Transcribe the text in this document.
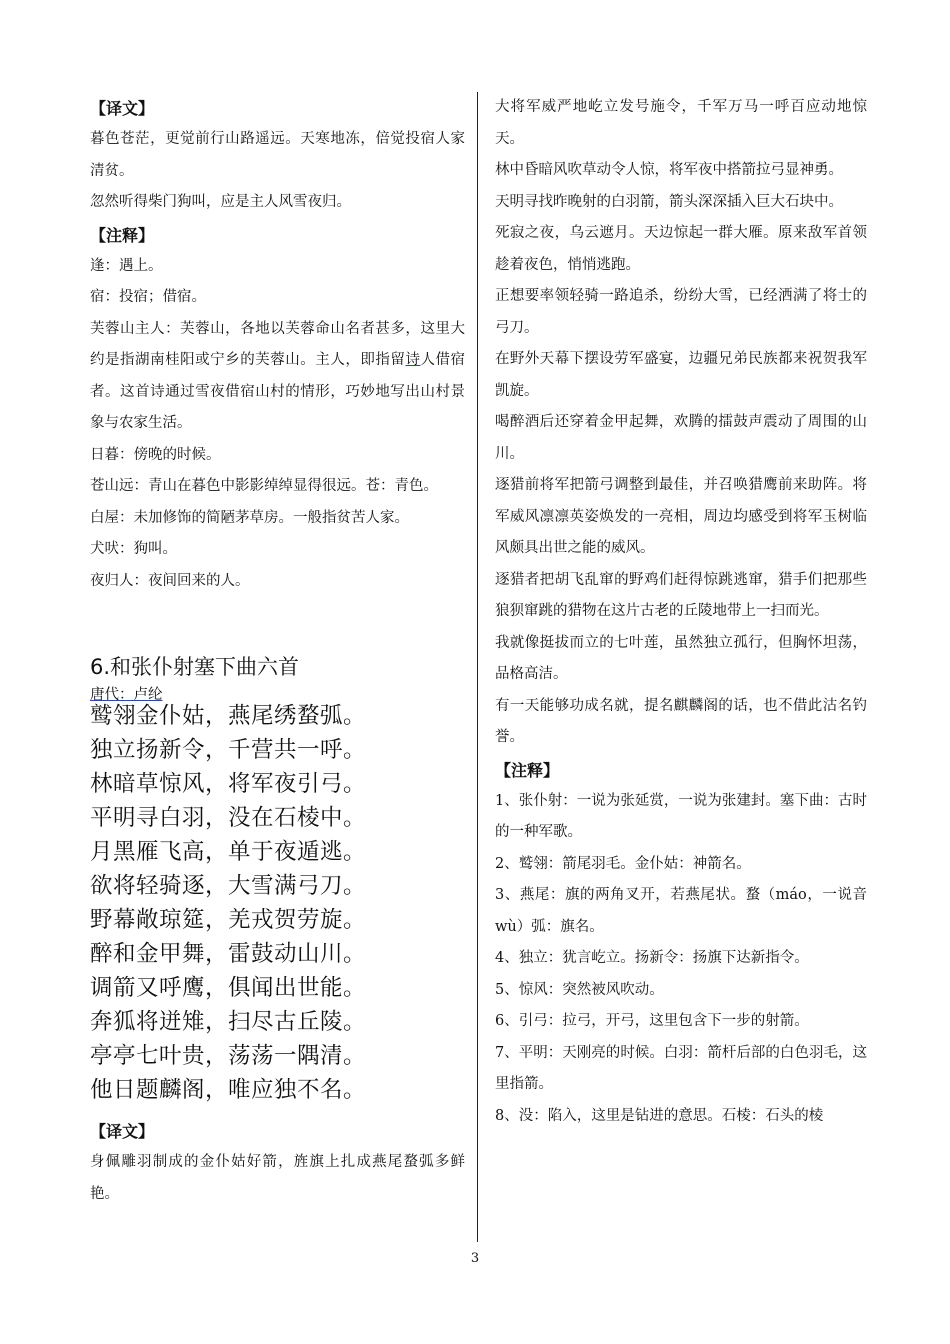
【译文】

暮色苍茫，更觉前行山路遥远。天寒地冻，倍觉投宿人家清贫。

忽然听得柴门狗叫，应是主人风雪夜归。

【注释】

逢：遇上。

宿：投宿；借宿。

芙蓉山主人：芙蓉山，各地以芙蓉命山名者甚多，这里大约是指湖南桂阳或宁乡的芙蓉山。主人，即指留诗人借宿者。这首诗通过雪夜借宿山村的情形，巧妙地写出山村景象与农家生活。

日暮：傍晚的时候。

苍山远：青山在暮色中影影绰绰显得很远。苍：青色。

白屋：未加修饰的简陋茅草房。一般指贫苦人家。

犬吠：狗叫。

夜归人：夜间回来的人。

6.和张仆射塞下曲六首
唐代：卢纶

鹫翎金仆姑，燕尾绣蝥弧。

独立扬新令，千营共一呼。

林暗草惊风，将军夜引弓。

平明寻白羽，没在石棱中。

月黑雁飞高，单于夜遁逃。

欲将轻骑逐，大雪满弓刀。

野幕敞琼筵，羌戎贺劳旋。

醉和金甲舞，雷鼓动山川。

调箭又呼鹰，俱闻出世能。

奔狐将迸雉，扫尽古丘陵。

亭亭七叶贵，荡荡一隅清。

他日题麟阁，唯应独不名。

【译文】

身佩雕羽制成的金仆姑好箭，旌旗上扎成燕尾蝥弧多鲜艳。

大将军威严地屹立发号施令，千军万马一呼百应动地惊天。

林中昏暗风吹草动令人惊，将军夜中搭箭拉弓显神勇。

天明寻找昨晚射的白羽箭，箭头深深插入巨大石块中。

死寂之夜，乌云遮月。天边惊起一群大雁。原来敌军首领趁着夜色，悄悄逃跑。

正想要率领轻骑一路追杀，纷纷大雪，已经洒满了将士的弓刀。

在野外天幕下摆设劳军盛宴，边疆兄弟民族都来祝贺我军凯旋。

喝醉酒后还穿着金甲起舞，欢腾的擂鼓声震动了周围的山川。

逐猎前将军把箭弓调整到最佳，并召唤猎鹰前来助阵。将军威风凛凛英姿焕发的一亮相，周边均感受到将军玉树临风颇具出世之能的威风。

逐猎者把胡飞乱窜的野鸡们赶得惊跳逃窜，猎手们把那些狼狈窜跳的猎物在这片古老的丘陵地带上一扫而光。

我就像挺拔而立的七叶莲，虽然独立孤行，但胸怀坦荡，品格高洁。

有一天能够功成名就，提名麒麟阁的话，也不借此沽名钓誉。

【注释】

1、张仆射：一说为张延赏，一说为张建封。塞下曲：古时的一种军歌。

2、鹫翎：箭尾羽毛。金仆姑：神箭名。

3、燕尾：旗的两角叉开，若燕尾状。蝥（máo，一说音 wù）弧：旗名。

4、独立：犹言屹立。扬新令：扬旗下达新指令。

5、惊风：突然被风吹动。

6、引弓：拉弓，开弓，这里包含下一步的射箭。

7、平明：天刚亮的时候。白羽：箭杆后部的白色羽毛，这里指箭。

8、没：陷入，这里是钻进的意思。石棱：石头的棱

3
